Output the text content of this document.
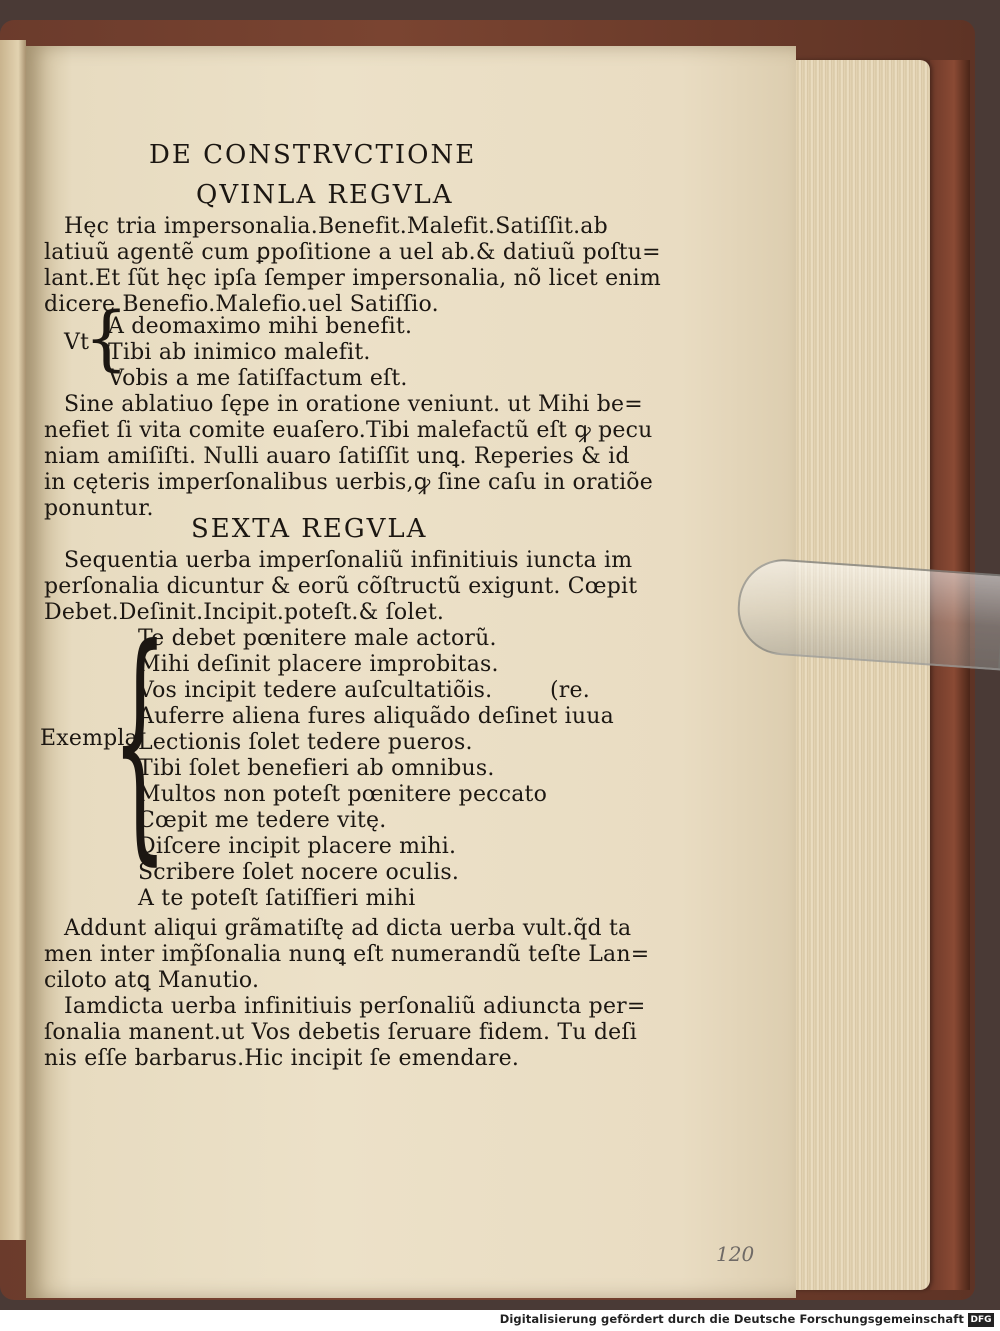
DE CONSTRVCTIONE
QVINLA REGVLA
Hęc tria impersonalia.Benefit.Malefit.Satiſſit.ab
latiuũ agentẽ cum ꝑpoſitione a uel ab.& datiuũ poſtu=
lant.Et ſũt hęc ipſa ſemper impersonalia, nõ licet enim
dicere Benefio.Malefio.uel Satiſſio.
Vt
{
A deomaximo mihi benefit.
Tibi ab inimico malefit.
Vobis a me ſatiſfactum eſt.
Sine ablatiuo ſępe in oratione veniunt. ut Mihi be=
nefiet ſi vita comite euaſero.Tibi malefactũ eſt ꝙ pecu
niam amiſiſti. Nulli auaro ſatiſſit unꝗ. Reperies & id
in cęteris imperſonalibus uerbis,ꝙ ſine caſu in oratiõe
ponuntur.
SEXTA REGVLA
Sequentia uerba imperſonaliũ infinitiuis iuncta im
perſonalia dicuntur & eorũ cõſtructũ exigunt. Cœpit
Debet.Deſinit.Incipit.poteſt.& ſolet.
Exempla
{
Te debet pœnitere male actorũ.
Mihi deſinit placere improbitas.
Vos incipit tedere auſcultatiõis.	(re.
Auferre aliena fures aliquãdo deſinet iuua
Lectionis ſolet tedere pueros.
Tibi ſolet benefieri ab omnibus.
Multos non poteſt pœnitere peccato
Cœpit me tedere vitę.
Diſcere incipit placere mihi.
Scribere ſolet nocere oculis.
A te poteſt ſatiſfieri mihi
Addunt aliqui grãmatiſtę ad dicta uerba vult.q̃d ta
men inter imp̃ſonalia nunꝗ eſt numerandũ teſte Lan=
ciloto atꝗ Manutio.
Iamdicta uerba infinitiuis perſonaliũ adiuncta per=
ſonalia manent.ut Vos debetis ſeruare fidem. Tu deſi
nis eſſe barbarus.Hic incipit ſe emendare.
120
Digitalisierung gefördert durch die Deutsche Forschungsgemeinschaft DFG
